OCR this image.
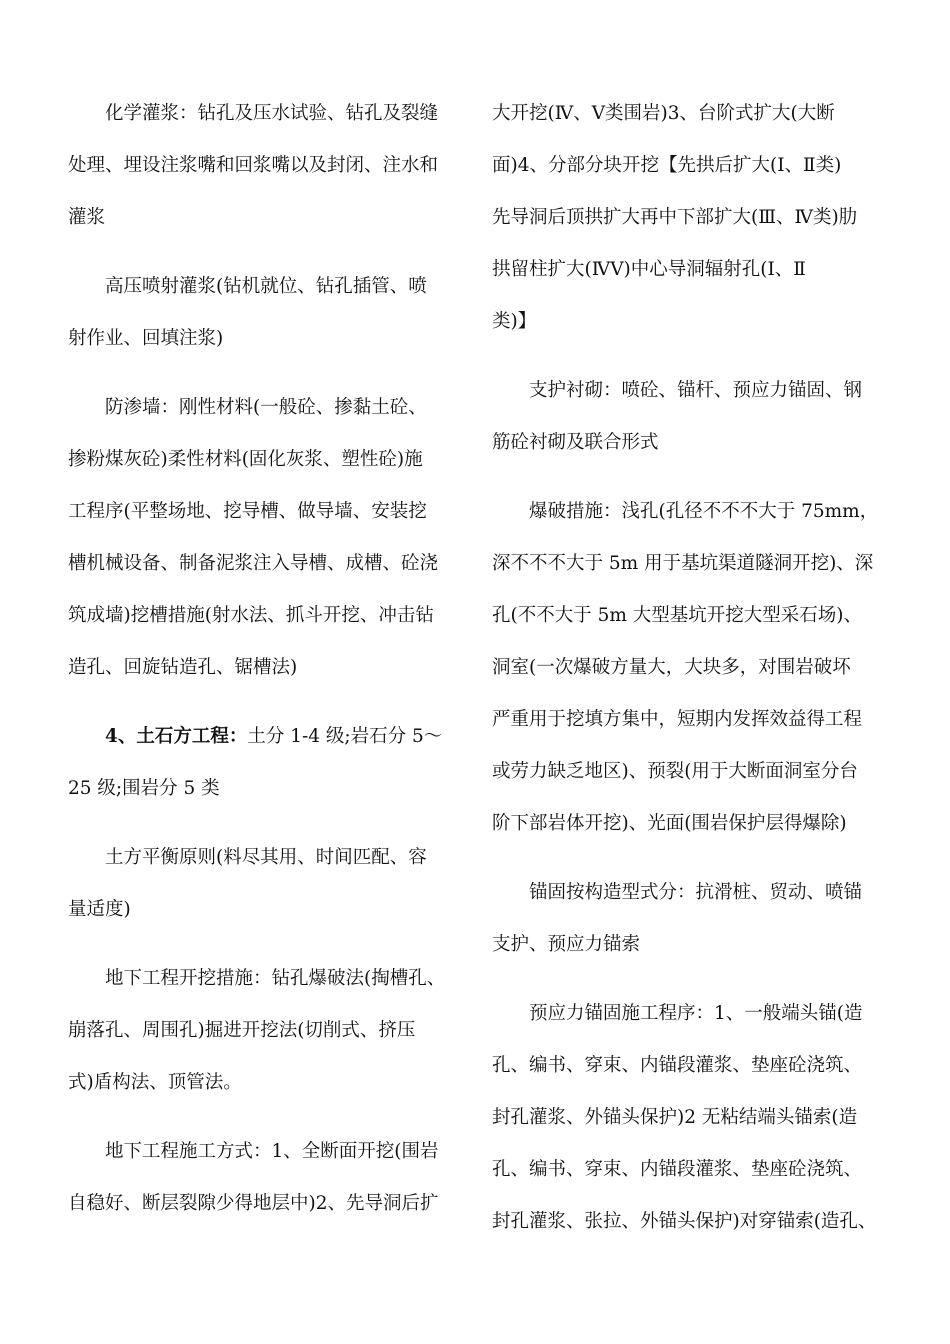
化学灌浆：钻孔及压水试验、钻孔及裂缝
处理、埋设注浆嘴和回浆嘴以及封闭、注水和
灌浆
高压喷射灌浆(钻机就位、钻孔插管、喷
射作业、回填注浆)
防渗墙：刚性材料(一般砼、掺黏土砼、
掺粉煤灰砼)柔性材料(固化灰浆、塑性砼)施
工程序(平整场地、挖导槽、做导墙、安装挖
槽机械设备、制备泥浆注入导槽、成槽、砼浇
筑成墙)挖槽措施(射水法、抓斗开挖、冲击钻
造孔、回旋钻造孔、锯槽法)
4、土石方工程：土分 1-4 级;岩石分 5～
25 级;围岩分 5 类
土方平衡原则(料尽其用、时间匹配、容
量适度)
地下工程开挖措施：钻孔爆破法(掏槽孔、
崩落孔、周围孔)掘进开挖法(切削式、挤压
式)盾构法、顶管法。
地下工程施工方式：1、全断面开挖(围岩
自稳好、断层裂隙少得地层中)2、先导洞后扩
大开挖(Ⅳ、Ⅴ类围岩)3、台阶式扩大(大断
面)4、分部分块开挖【先拱后扩大(Ⅰ、Ⅱ类)
先导洞后顶拱扩大再中下部扩大(Ⅲ、Ⅳ类)肋
拱留柱扩大(ⅣⅤ)中心导洞辐射孔(Ⅰ、Ⅱ
类)】
支护衬砌：喷砼、锚杆、预应力锚固、钢
筋砼衬砌及联合形式
爆破措施：浅孔(孔径不不不大于 75mm，
深不不不大于 5m 用于基坑渠道隧洞开挖)、深
孔(不不大于 5m 大型基坑开挖大型采石场)、
洞室(一次爆破方量大，大块多，对围岩破坏
严重用于挖填方集中，短期内发挥效益得工程
或劳力缺乏地区)、预裂(用于大断面洞室分台
阶下部岩体开挖)、光面(围岩保护层得爆除)
锚固按构造型式分：抗滑桩、贸动、喷锚
支护、预应力锚索
预应力锚固施工程序：1、一般端头锚(造
孔、编书、穿束、内锚段灌浆、垫座砼浇筑、
封孔灌浆、外锚头保护)2 无粘结端头锚索(造
孔、编书、穿束、内锚段灌浆、垫座砼浇筑、
封孔灌浆、张拉、外锚头保护)对穿锚索(造孔、
